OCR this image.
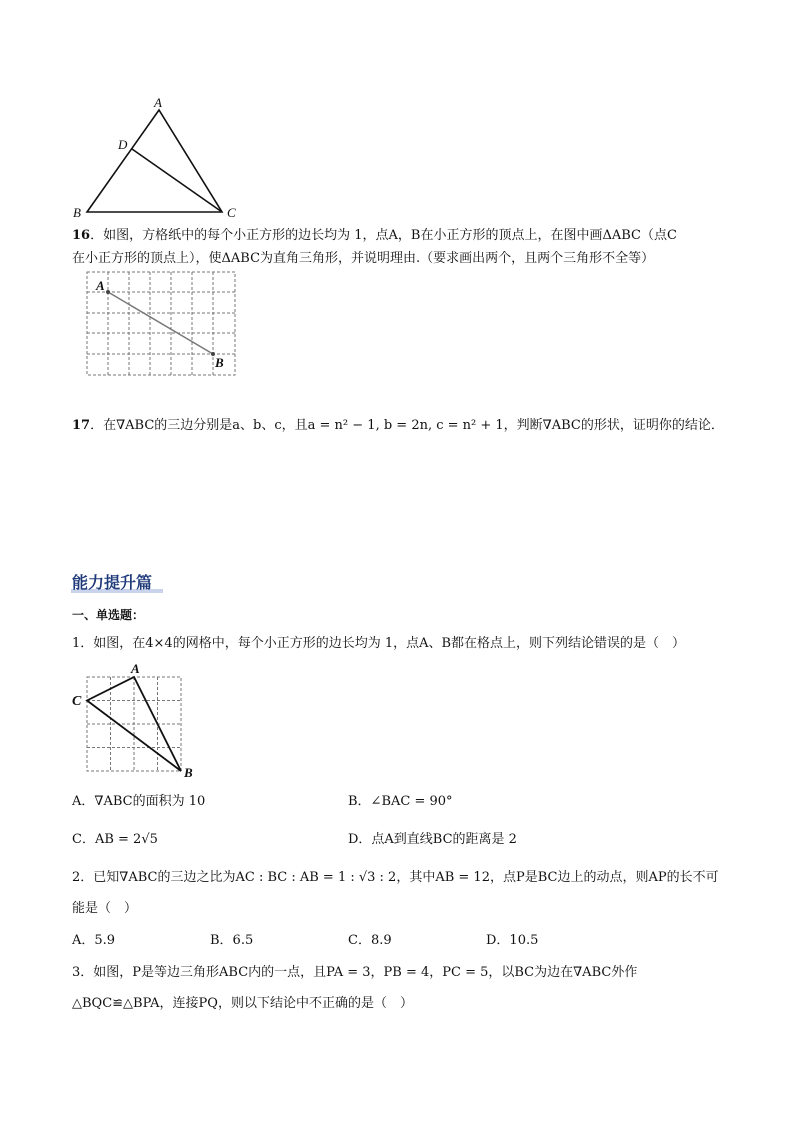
A
D
B	C
16．如图，方格纸中的每个小正方形的边长均为 1，点A，B在小正方形的顶点上，在图中画ΔABC（点C
在小正方形的顶点上），使ΔABC为直角三角形，并说明理由.（要求画出两个，且两个三角形不全等）
A
B
17．在∇ABC的三边分别是a、b、c，且a = n² − 1, b = 2n, c = n² + 1，判断∇ABC的形状，证明你的结论．
能力提升篇
一、单选题：
1．如图，在4×4的网格中，每个小正方形的边长均为 1，点A、B都在格点上，则下列结论错误的是（　）
A
C
B
A．∇ABC的面积为 10	B．∠BAC = 90°
C．AB = 2√5	D．点A到直线BC的距离是 2
2．已知∇ABC的三边之比为AC : BC : AB = 1 : √3 : 2，其中AB = 12，点P是BC边上的动点，则AP的长不可
能是（　）
A．5.9	B．6.5	C．8.9	D．10.5
3．如图，P是等边三角形ABC内的一点，且PA = 3，PB = 4，PC = 5，以BC为边在∇ABC外作
△BQC≌△BPA，连接PQ，则以下结论中不正确的是（　）
